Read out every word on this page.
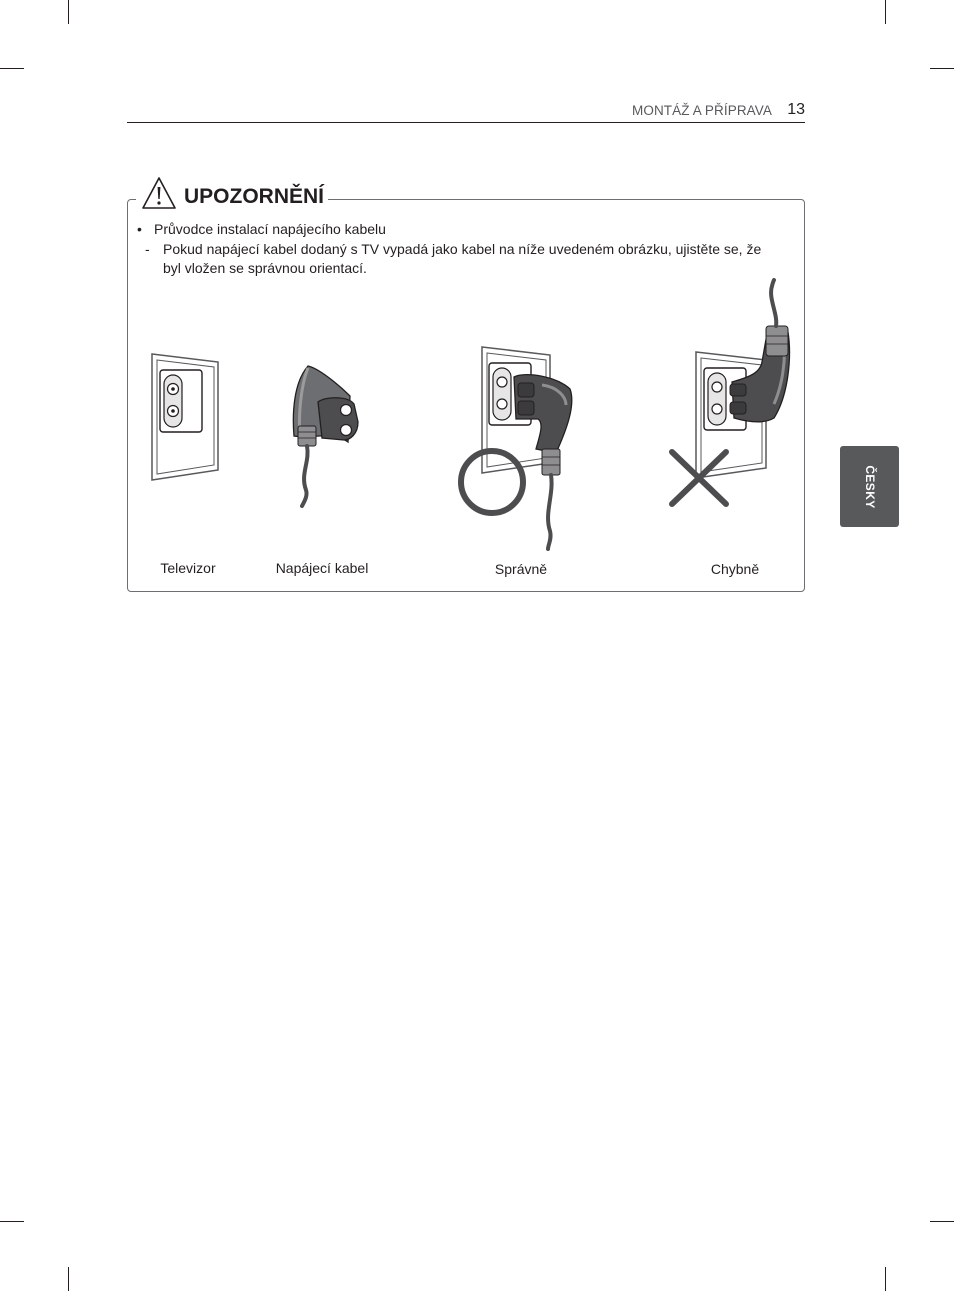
MONTÁŽ A PŘÍPRAVA 13
UPOZORNĚNÍ
• Průvodce instalací napájecího kabelu
- Pokud napájecí kabel dodaný s TV vypadá jako kabel na níže uvedeném obrázku, ujistěte se, že byl vložen se správnou orientací.
Televizor	Napájecí kabel	Správně	Chybně
ČESKY
